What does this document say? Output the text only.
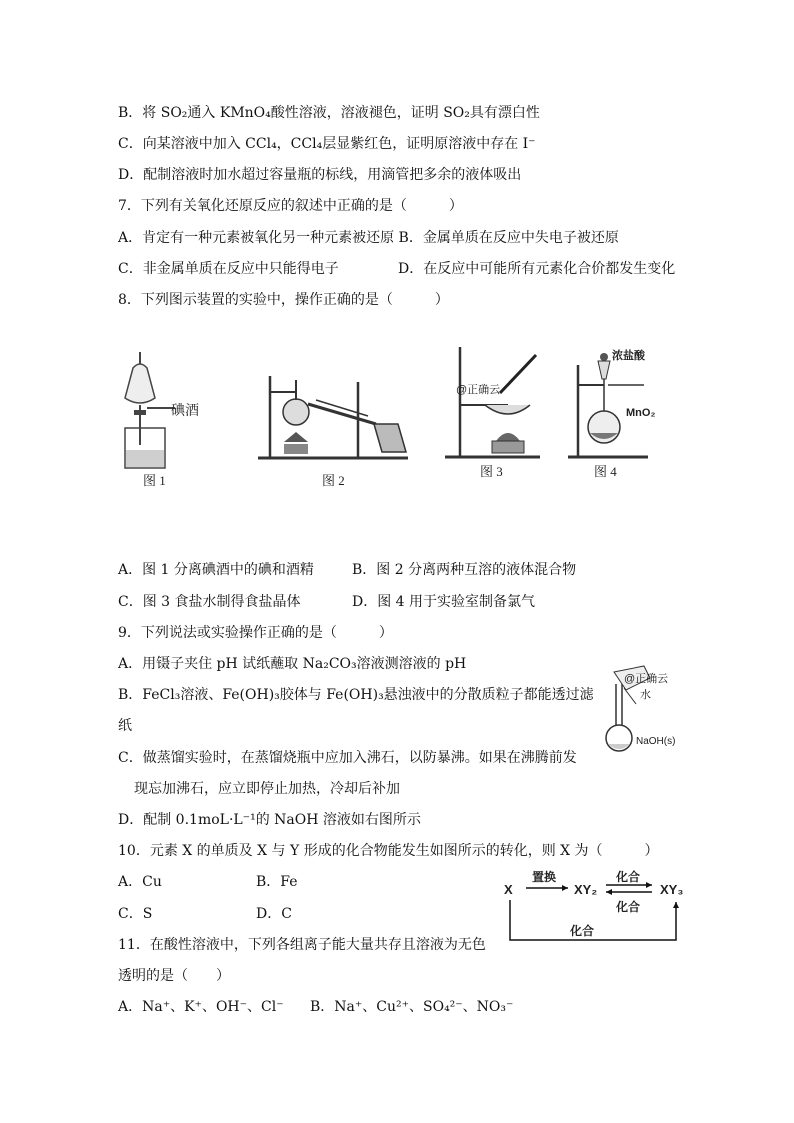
B．将 SO₂通入 KMnO₄酸性溶液，溶液褪色，证明 SO₂具有漂白性
C．向某溶液中加入 CCl₄，CCl₄层显紫红色，证明原溶液中存在 I⁻
D．配制溶液时加水超过容量瓶的标线，用滴管把多余的液体吸出
7．下列有关氧化还原反应的叙述中正确的是（　　　）
A．肯定有一种元素被氧化另一种元素被还原 B．金属单质在反应中失电子被还原
C．非金属单质在反应中只能得电子	D．在反应中可能所有元素化合价都发生变化
8．下列图示装置的实验中，操作正确的是（　　　）
碘酒
图 1	图 2
@正确云
图 3
浓盐酸
MnO₂
图 4
A．图 1 分离碘酒中的碘和酒精	B．图 2 分离两种互溶的液体混合物
C．图 3 食盐水制得食盐晶体	D．图 4 用于实验室制备氯气
9．下列说法或实验操作正确的是（　　　）
A．用镊子夹住 pH 试纸蘸取 Na₂CO₃溶液测溶液的 pH
B．FeCl₃溶液、Fe(OH)₃胶体与 Fe(OH)₃悬浊液中的分散质粒子都能透过滤
纸
C．做蒸馏实验时，在蒸馏烧瓶中应加入沸石，以防暴沸。如果在沸腾前发
现忘加沸石，应立即停止加热，冷却后补加
D．配制 0.1moL·L⁻¹的 NaOH 溶液如右图所示
@正确云
水
NaOH(s)
10．元素 X 的单质及 X 与 Y 形成的化合物能发生如图所示的转化，则 X 为（　　　）
A．Cu	B．Fe
C．S	D．C
X	XY₂	XY₃
置换	化合
化合
化合
11．在酸性溶液中，下列各组离子能大量共存且溶液为无色
透明的是（　　）
A．Na⁺、K⁺、OH⁻、Cl⁻ B．Na⁺、Cu²⁺、SO₄²⁻、NO₃⁻
